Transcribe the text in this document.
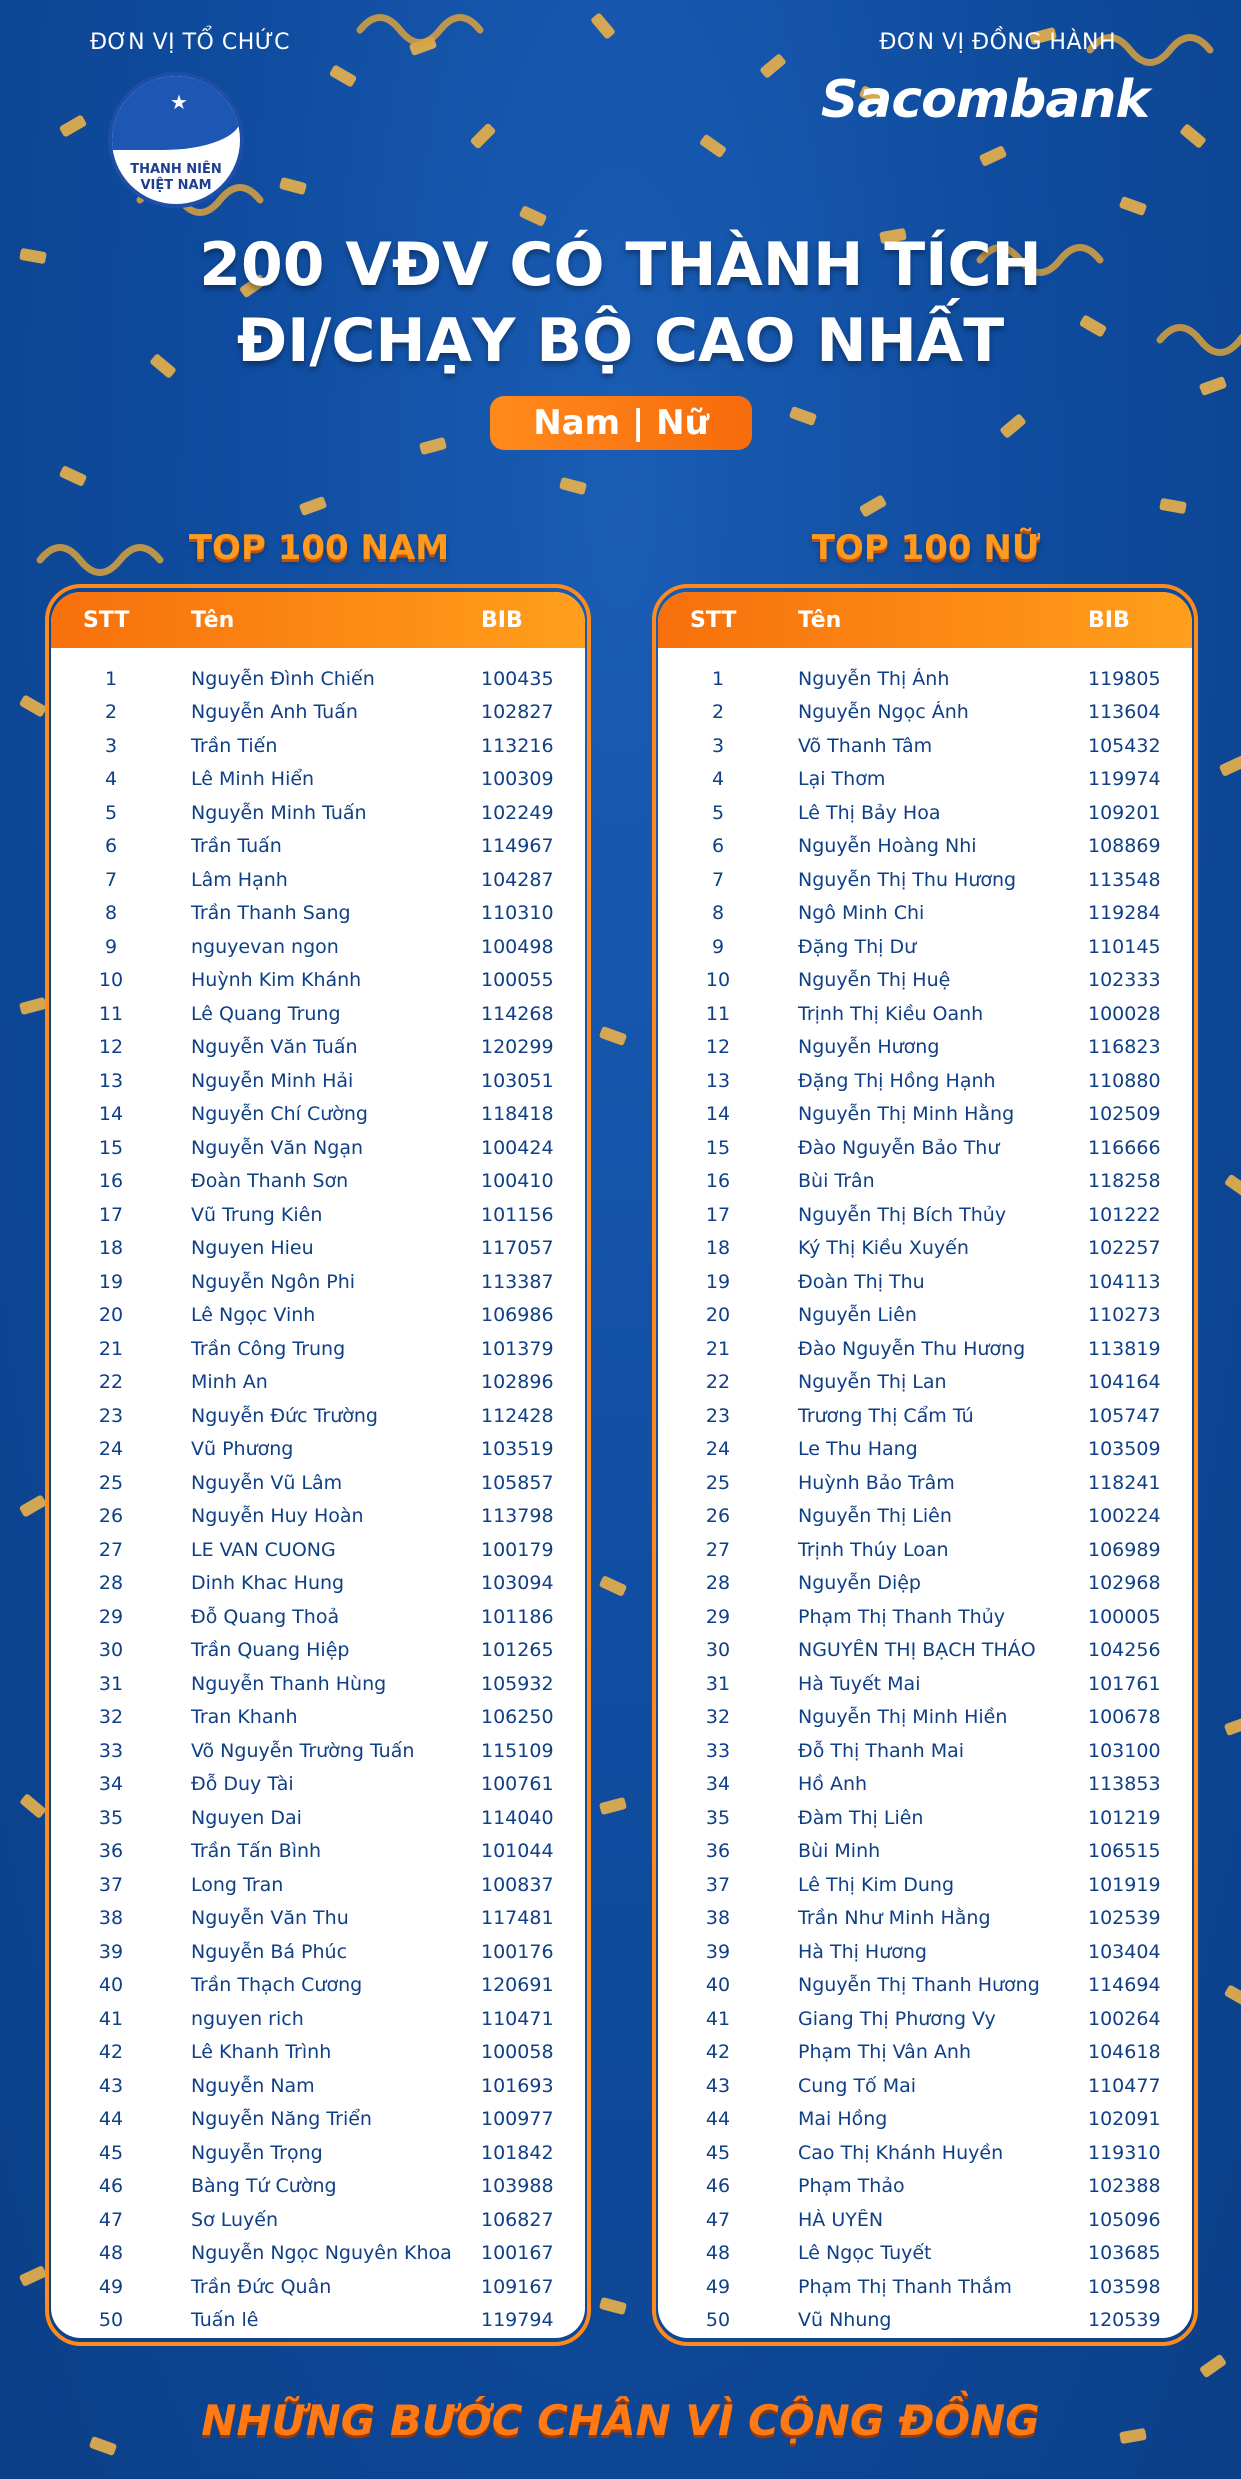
ĐƠN VỊ TỔ CHỨC	ĐƠN VỊ ĐỒNG HÀNH
★
THANH NIÊN
VIỆT NAM
Sacombank
200 VĐV CÓ THÀNH TÍCH
ĐI/CHẠY BỘ CAO NHẤT
Nam | Nữ
TOP 100 NAM	TOP 100 NỮ
STT	Tên	BIB
1	Nguyễn Đình Chiến	100435
2	Nguyễn Anh Tuấn	102827
3	Trần Tiến	113216
4	Lê Minh Hiển	100309
5	Nguyễn Minh Tuấn	102249
6	Trần Tuấn	114967
7	Lâm Hạnh	104287
8	Trần Thanh Sang	110310
9	nguyevan ngon	100498
10	Huỳnh Kim Khánh	100055
11	Lê Quang Trung	114268
12	Nguyễn Văn Tuấn	120299
13	Nguyễn Minh Hải	103051
14	Nguyễn Chí Cường	118418
15	Nguyễn Văn Ngạn	100424
16	Đoàn Thanh Sơn	100410
17	Vũ Trung Kiên	101156
18	Nguyen Hieu	117057
19	Nguyễn Ngôn Phi	113387
20	Lê Ngọc Vinh	106986
21	Trần Công Trung	101379
22	Minh An	102896
23	Nguyễn Đức Trường	112428
24	Vũ Phương	103519
25	Nguyễn Vũ Lâm	105857
26	Nguyễn Huy Hoàn	113798
27	LE VAN CUONG	100179
28	Dinh Khac Hung	103094
29	Đỗ Quang Thoả	101186
30	Trần Quang Hiệp	101265
31	Nguyễn Thanh Hùng	105932
32	Tran Khanh	106250
33	Võ Nguyễn Trường Tuấn	115109
34	Đỗ Duy Tài	100761
35	Nguyen Dai	114040
36	Trần Tấn Bình	101044
37	Long Tran	100837
38	Nguyễn Văn Thu	117481
39	Nguyễn Bá Phúc	100176
40	Trần Thạch Cương	120691
41	nguyen rich	110471
42	Lê Khanh Trình	100058
43	Nguyễn Nam	101693
44	Nguyễn Năng Triển	100977
45	Nguyễn Trọng	101842
46	Bàng Tứ Cường	103988
47	Sơ Luyến	106827
48	Nguyễn Ngọc Nguyên Khoa	100167
49	Trần Đức Quân	109167
50	Tuấn lê	119794
STT	Tên	BIB
1	Nguyễn Thị Ánh	119805
2	Nguyễn Ngọc Ánh	113604
3	Võ Thanh Tâm	105432
4	Lại Thơm	119974
5	Lê Thị Bảy Hoa	109201
6	Nguyễn Hoàng Nhi	108869
7	Nguyễn Thị Thu Hương	113548
8	Ngô Minh Chi	119284
9	Đặng Thị Dư	110145
10	Nguyễn Thị Huệ	102333
11	Trịnh Thị Kiều Oanh	100028
12	Nguyễn Hương	116823
13	Đặng Thị Hồng Hạnh	110880
14	Nguyễn Thị Minh Hằng	102509
15	Đào Nguyễn Bảo Thư	116666
16	Bùi Trân	118258
17	Nguyễn Thị Bích Thủy	101222
18	Ký Thị Kiều Xuyến	102257
19	Đoàn Thị Thu	104113
20	Nguyễn Liên	110273
21	Đào Nguyễn Thu Hương	113819
22	Nguyễn Thị Lan	104164
23	Trương Thị Cẩm Tú	105747
24	Le Thu Hang	103509
25	Huỳnh Bảo Trâm	118241
26	Nguyễn Thị Liên	100224
27	Trịnh Thúy Loan	106989
28	Nguyễn Diệp	102968
29	Phạm Thị Thanh Thủy	100005
30	NGUYỄN THỊ BẠCH THẢO	104256
31	Hà Tuyết Mai	101761
32	Nguyễn Thị Minh Hiền	100678
33	Đỗ Thị Thanh Mai	103100
34	Hồ Anh	113853
35	Đàm Thị Liên	101219
36	Bùi Minh	106515
37	Lê Thị Kim Dung	101919
38	Trần Như Minh Hằng	102539
39	Hà Thị Hương	103404
40	Nguyễn Thị Thanh Hương	114694
41	Giang Thị Phương Vy	100264
42	Phạm Thị Vân Anh	104618
43	Cung Tố Mai	110477
44	Mai Hồng	102091
45	Cao Thị Khánh Huyền	119310
46	Phạm Thảo	102388
47	HÀ UYÊN	105096
48	Lê Ngọc Tuyết	103685
49	Phạm Thị Thanh Thắm	103598
50	Vũ Nhung	120539
NHỮNG BƯỚC CHÂN VÌ CỘNG ĐỒNG
